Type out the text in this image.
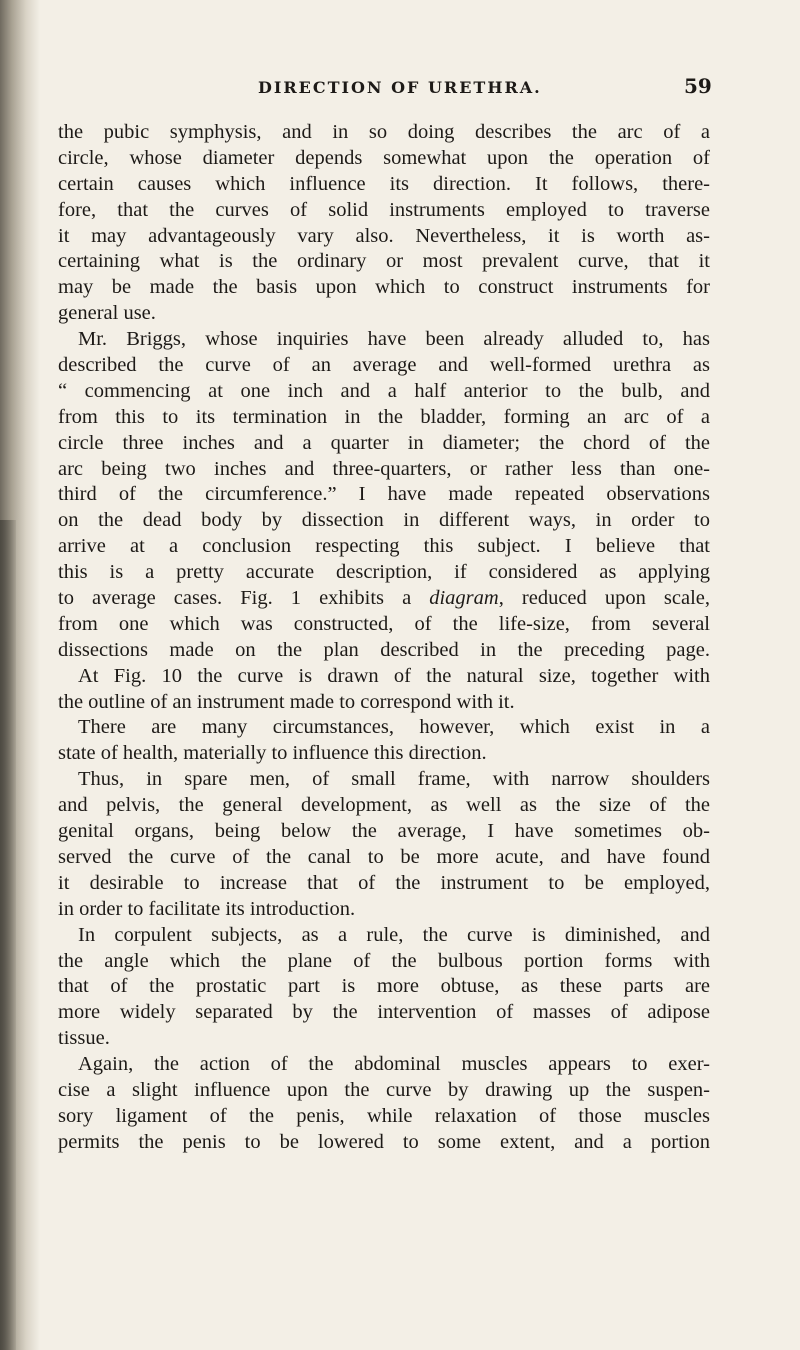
DIRECTION OF URETHRA.	59
the pubic symphysis, and in so doing describes the arc of a
circle, whose diameter depends somewhat upon the operation of
certain causes which influence its direction. It follows, there-
fore, that the curves of solid instruments employed to traverse
it may advantageously vary also. Nevertheless, it is worth as-
certaining what is the ordinary or most prevalent curve, that it
may be made the basis upon which to construct instruments for
general use.
Mr. Briggs, whose inquiries have been already alluded to, has
described the curve of an average and well-formed urethra as
“ commencing at one inch and a half anterior to the bulb, and
from this to its termination in the bladder, forming an arc of a
circle three inches and a quarter in diameter; the chord of the
arc being two inches and three-quarters, or rather less than one-
third of the circumference.” I have made repeated observations
on the dead body by dissection in different ways, in order to
arrive at a conclusion respecting this subject. I believe that
this is a pretty accurate description, if considered as applying
to average cases. Fig. 1 exhibits a diagram, reduced upon scale,
from one which was constructed, of the life-size, from several
dissections made on the plan described in the preceding page.
At Fig. 10 the curve is drawn of the natural size, together with
the outline of an instrument made to correspond with it.
There are many circumstances, however, which exist in a
state of health, materially to influence this direction.
Thus, in spare men, of small frame, with narrow shoulders
and pelvis, the general development, as well as the size of the
genital organs, being below the average, I have sometimes ob-
served the curve of the canal to be more acute, and have found
it desirable to increase that of the instrument to be employed,
in order to facilitate its introduction.
In corpulent subjects, as a rule, the curve is diminished, and
the angle which the plane of the bulbous portion forms with
that of the prostatic part is more obtuse, as these parts are
more widely separated by the intervention of masses of adipose
tissue.
Again, the action of the abdominal muscles appears to exer-
cise a slight influence upon the curve by drawing up the suspen-
sory ligament of the penis, while relaxation of those muscles
permits the penis to be lowered to some extent, and a portion
